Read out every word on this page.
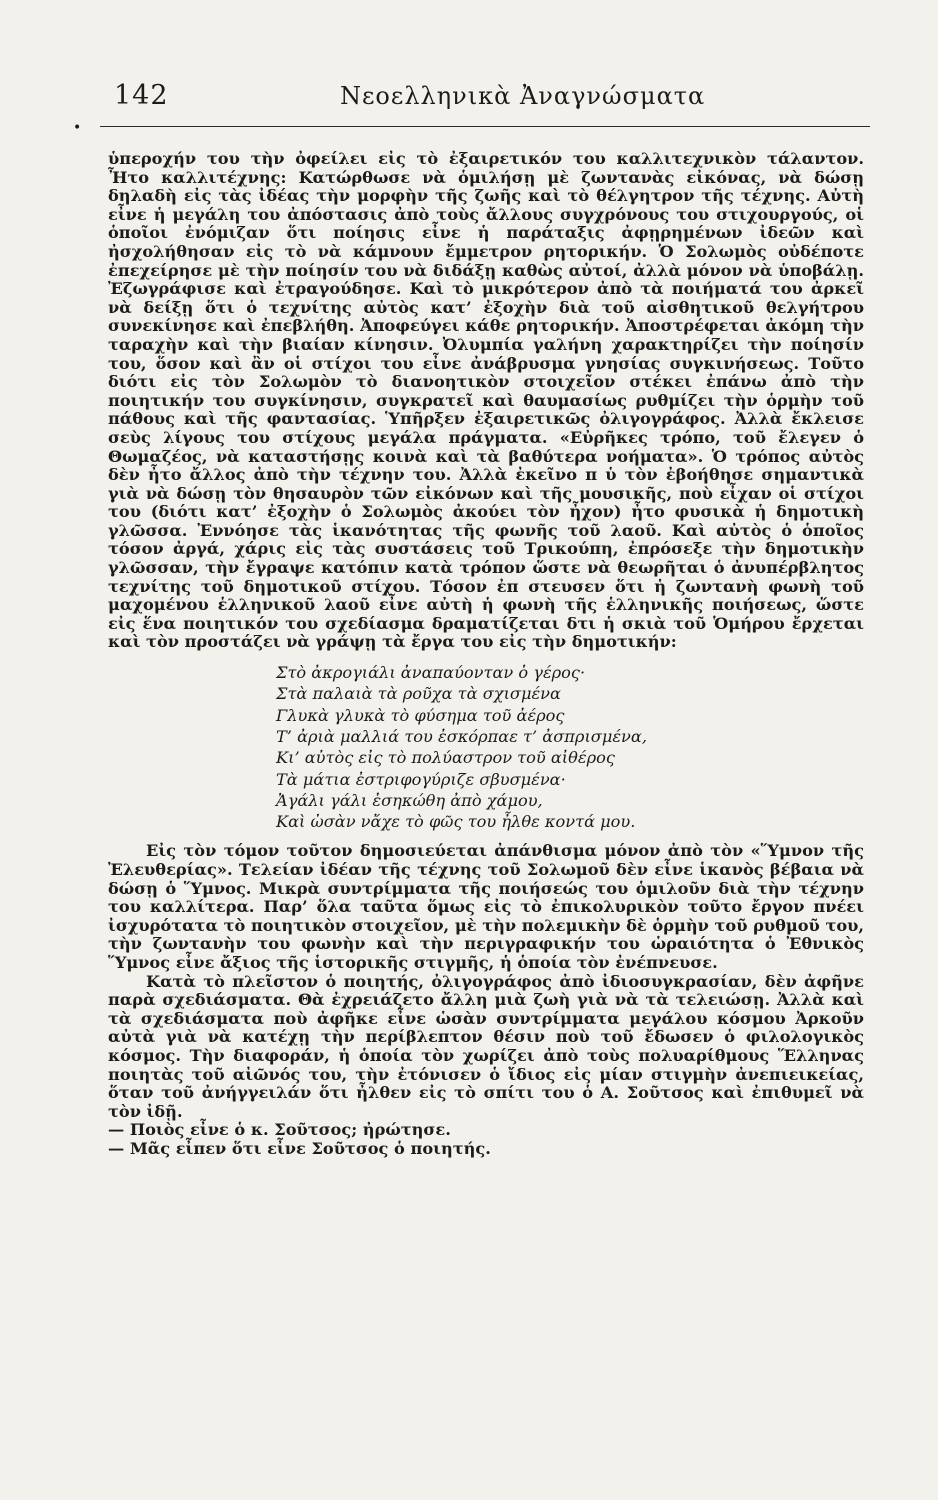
142	Νεοελληνικὰ Ἀναγνώσματα
•

ὑπεροχήν του τὴν ὀφείλει εἰς τὸ ἐξαιρετικόν του καλλιτεχνικὸν τάλαντον. Ἦτο καλλιτέχνης: Κατώρθωσε νὰ ὁμιλήσῃ μὲ ζωντανὰς εἰκόνας, νὰ δώσῃ δηλαδὴ εἰς τὰς ἰδέας τὴν μορφὴν τῆς ζωῆς καὶ τὸ θέλγητρον τῆς τέχνης. Αὐτὴ εἶνε ἡ μεγάλη του ἀπόστασις ἀπὸ τοὺς ἄλλους συγχρόνους του στιχουργούς, οἱ ὁποῖοι ἐνόμιζαν ὅτι ποίησις εἶνε ἡ παράταξις ἀφῃρημένων ἰδεῶν καὶ ἠσχολήθησαν εἰς τὸ νὰ κάμνουν ἔμμετρον ρητορικήν. Ὁ Σολωμὸς οὐδέποτε ἐπεχείρησε μὲ τὴν ποίησίν του νὰ διδάξῃ καθὼς αὐτοί, ἀλλὰ μόνον νὰ ὑποβάλῃ. Ἐζωγράφισε καὶ ἐτραγούδησε. Καὶ τὸ μικρότερον ἀπὸ τὰ ποιήματά του ἀρκεῖ νὰ δείξῃ ὅτι ὁ τεχνίτης αὐτὸς κατ’ ἐξοχὴν διὰ τοῦ αἰσθητικοῦ θελγήτρου συνεκίνησε καὶ ἐπεβλήθη. Ἀποφεύγει κάθε ρητορικήν. Ἀποστρέφεται ἀκόμη τὴν ταραχὴν καὶ τὴν βιαίαν κίνησιν. Ὀλυμπία γαλήνη χαρακτηρίζει τὴν ποίησίν του, ὅσον καὶ ἂν οἱ στίχοι του εἶνε ἀνάβρυσμα γνησίας συγκινήσεως. Τοῦτο διότι εἰς τὸν Σολωμὸν τὸ διανοητικὸν στοιχεῖον στέκει ἐπάνω ἀπὸ τὴν ποιητικήν του συγκίνησιν, συγκρατεῖ καὶ θαυμασίως ρυθμίζει τὴν ὁρμὴν τοῦ πάθους καὶ τῆς φαντασίας. Ὑπῆρξεν ἐξαιρετικῶς ὀλιγογράφος. Ἀλλὰ ἔκλεισε σεὺς λίγους του στίχους μεγάλα πράγματα. «Εὐρῆκες τρόπο, τοῦ ἔλεγεν ὁ Θωμαζέος, νὰ καταστήσῃς κοινὰ καὶ τὰ βαθύτερα νοήματα». Ὁ τρόπος αὐτὸς δὲν ἦτο ἄλλος ἀπὸ τὴν τέχνην του. Ἀλλὰ ἐκεῖνο π ὑ τὸν ἐβοήθησε σημαντικὰ γιὰ νὰ δώσῃ τὸν θησαυρὸν τῶν εἰκόνων καὶ τῆς μουσικῆς, ποὺ εἶχαν οἱ στίχοι του (διότι κατ’ ἐξοχὴν ὁ Σολωμὸς ἀκούει τὸν ἦχον) ἦτο φυσικὰ ἡ δημοτικὴ γλῶσσα. Ἐννόησε τὰς ἱκανότητας τῆς φωνῆς τοῦ λαοῦ. Καὶ αὐτὸς ὁ ὁποῖος τόσον ἀργά, χάρις εἰς τὰς συστάσεις τοῦ Τρικούπη, ἐπρόσεξε τὴν δημοτικὴν γλῶσσαν, τὴν ἔγραψε κατόπιν κατὰ τρόπον ὥστε νὰ θεωρῆται ὁ ἀνυπέρβλητος τεχνίτης τοῦ δημοτικοῦ στίχου. Τόσον ἐπ στευσεν ὅτι ἡ ζωντανὴ φωνὴ τοῦ μαχομένου ἑλληνικοῦ λαοῦ εἶνε αὐτὴ ἡ φωνὴ τῆς ἑλληνικῆς ποιήσεως, ὥστε εἰς ἕνα ποιητικόν του σχεδίασμα δραματίζεται δτι ἡ σκιὰ τοῦ Ὁμήρου ἔρχεται καὶ τὸν προστάζει νὰ γράψῃ τὰ ἔργα του εἰς τὴν δημοτικήν:

Στὸ ἀκρογιάλι ἀναπαύονταν ὁ γέρος·
Στὰ παλαιὰ τὰ ροῦχα τὰ σχισμένα
Γλυκὰ γλυκὰ τὸ φύσημα τοῦ ἀέρος
Τ’ ἀριὰ μαλλιά του ἐσκόρπαε τ’ ἀσπρισμένα,
Κι’ αὐτὸς εἰς τὸ πολύαστρον τοῦ αἰθέρος
Τὰ μάτια ἐστριφογύριζε σβυσμένα·
Ἀγάλι γάλι ἐσηκώθη ἀπὸ χάμου,
Καὶ ὡσὰν νἄχε τὸ φῶς του ἦλθε κοντά μου.

Εἰς τὸν τόμον τοῦτον δημοσιεύεται ἀπάνθισμα μόνον ἀπὸ τὸν «Ὕμνον τῆς Ἐλευθερίας». Τελείαν ἰδέαν τῆς τέχνης τοῦ Σολωμοῦ δὲν εἶνε ἱκανὸς βέβαια νὰ δώσῃ ὁ Ὕμνος. Μικρὰ συντρίμματα τῆς ποιήσεώς του ὁμιλοῦν διὰ τὴν τέχνην του καλλίτερα. Παρ’ ὅλα ταῦτα ὅμως εἰς τὸ ἐπικολυρικὸν τοῦτο ἔργον πνέει ἰσχυρότατα τὸ ποιητικὸν στοιχεῖον, μὲ τὴν πολεμικὴν δὲ ὁρμὴν τοῦ ρυθμοῦ του, τὴν ζωντανὴν του φωνὴν καὶ τὴν περιγραφικήν του ὡραιότητα ὁ Ἐθνικὸς Ὕμνος εἶνε ἄξιος τῆς ἱστορικῆς στιγμῆς, ἡ ὁποία τὸν ἐνέπνευσε.

Κατὰ τὸ πλεῖστον ὁ ποιητής, ὀλιγογράφος ἀπὸ ἰδιοσυγκρασίαν, δὲν ἀφῆνε παρὰ σχεδιάσματα. Θὰ ἐχρειάζετο ἄλλη μιὰ ζωὴ γιὰ νὰ τὰ τελειώσῃ. Ἀλλὰ καὶ τὰ σχεδιάσματα ποὺ ἀφῆκε εἶνε ὡσὰν συντρίμματα μεγάλου κόσμου Ἀρκοῦν αὐτὰ γιὰ νὰ κατέχῃ τὴν περίβλεπτον θέσιν ποὺ τοῦ ἔδωσεν ὁ φιλολογικὸς κόσμος. Τὴν διαφοράν, ἡ ὁποία τὸν χωρίζει ἀπὸ τοὺς πολυαρίθμους Ἕλληνας ποιητὰς τοῦ αἰῶνός του, τὴν ἐτόνισεν ὁ ἴδιος εἰς μίαν στιγμὴν ἀνεπιεικείας, ὅταν τοῦ ἀνήγγειλάν ὅτι ἦλθεν εἰς τὸ σπίτι του ὁ Α. Σοῦτσος καὶ ἐπιθυμεῖ νὰ τὸν ἰδῇ.

— Ποιὸς εἶνε ὁ κ. Σοῦτσος; ἠρώτησε.

— Μᾶς εἶπεν ὅτι εἶνε Σοῦτσος ὁ ποιητής.
